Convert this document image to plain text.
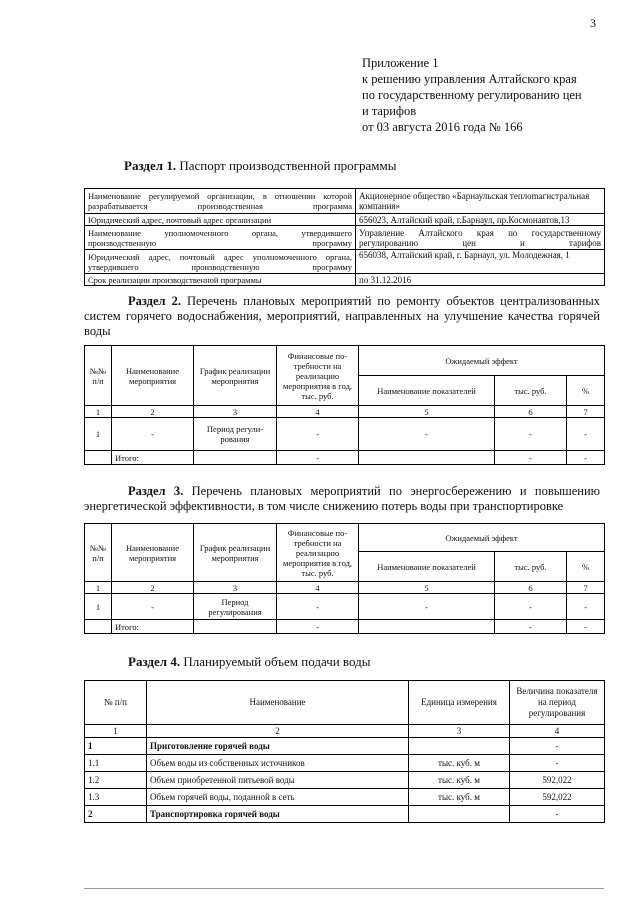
3
Приложение 1
к решению управления Алтайского края
по государственному регулированию цен
и тарифов
от 03 августа 2016 года № 166
Раздел 1. Паспорт производственной программы
Наименование регулируемой организации, в отношении которой разрабатывается производственная программа	Акционерное общество «Барнаульская теплomагистральная компания»
Юридический адрес, почтовый адрес организации	656023, Алтайский край, г.Барнаул, пр.Космонавтов,13
Наименование уполномоченного органа, утвердившего производственную программу	Управление Алтайского края по государственному регулированию цен и тарифов
Юридический адрес, почтовый адрес уполномоченного органа, утвердившего производственную программу	656038, Алтайский край, г. Барнаул, ул. Молодежная, 1
Срок реализации производственной программы	по 31.12.2016
Раздел 2. Перечень плановых мероприятий по ремонту объектов централизованных систем горячего водоснабжения, мероприятий, направленных на улучшение качества горячей воды
№№ п/п	Наименование мероприятия	График реализации мероприятия	Финансовые потребности на реализацию мероприятия в год, тыс. руб.	Ожидаемый эффект		
				Наименование показателей	тыс. руб.	%
1	2	3	4	5	6	7
1	-	Период регулирования	-	-	-	-
	Итого:		-		-	-
Раздел 3. Перечень плановых мероприятий по энергосбережению и повышению энергетической эффективности, в том числе снижению потерь воды при транспортировке
№№ п/п	Наименование мероприятия	График реализации мероприятия	Финансовые потребности на реализацию мероприятия в год, тыс. руб.	Ожидаемый эффект		
				Наименование показателей	тыс. руб.	%
1	2	3	4	5	6	7
1	-	Период регулирования	-	-	-	-
	Итого:		-		-	-
Раздел 4. Планируемый объем подачи воды
№ п/п	Наименование	Единица измерения	Величина показателя на период регулирования
1	2	3	4
1	Приготовление горячей воды		-
1.1	Объем воды из собственных источников	тыс. куб. м	-
1.2	Объем приобретенной питьевой воды	тыс. куб. м	592,022
1.3	Объем горячей воды, поданной в сеть	тыс. куб. м	592,022
2	Транспортировка горячей воды		-
